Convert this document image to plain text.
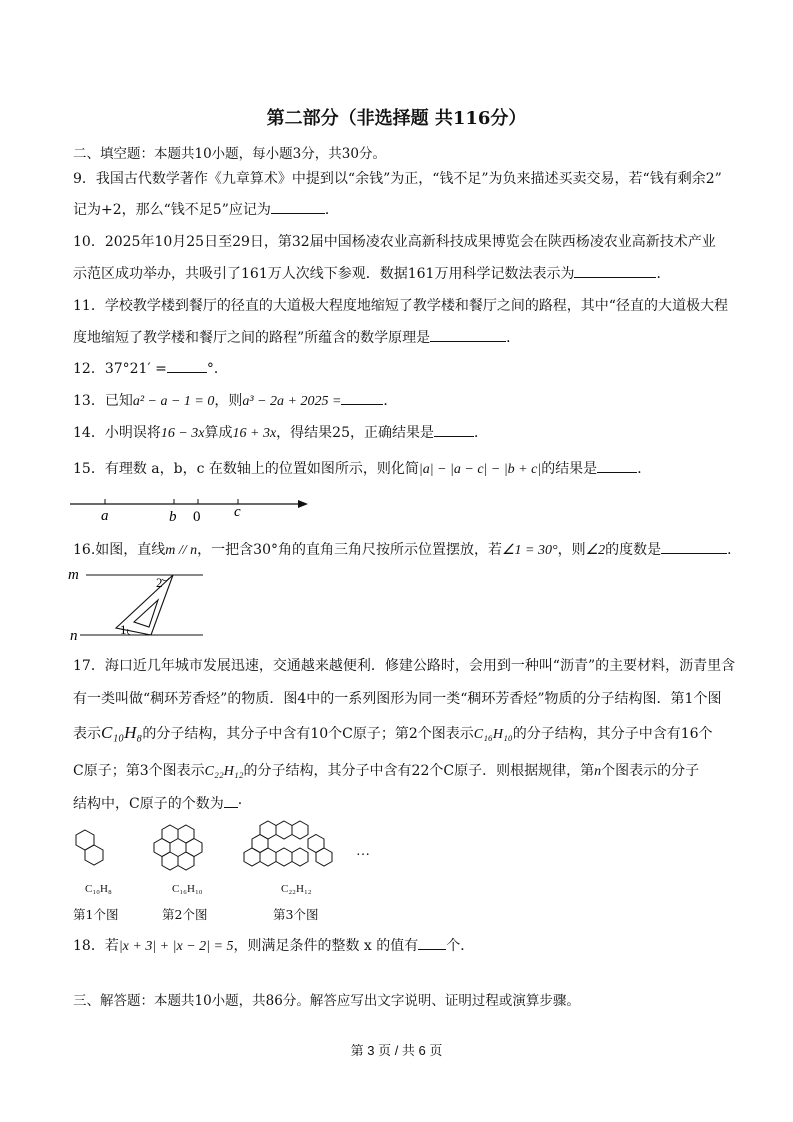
第二部分（非选择题 共116分）
二、填空题：本题共10小题，每小题3分，共30分。
9．我国古代数学著作《九章算术》中提到以“余钱”为正，“钱不足”为负来描述买卖交易，若“钱有剩余2”
记为+2，那么“钱不足5”应记为	．
10．2025年10月25日至29日，第32届中国杨凌农业高新科技成果博览会在陕西杨凌农业高新技术产业
示范区成功举办，共吸引了161万人次线下参观．数据161万用科学记数法表示为	．
11．学校教学楼到餐厅的径直的大道极大程度地缩短了教学楼和餐厅之间的路程，其中“径直的大道极大程
度地缩短了教学楼和餐厅之间的路程”所蕴含的数学原理是	．
12．37°21′ =	°．
13．已知a² − a − 1 = 0，则a³ − 2a + 2025 =	．
14．小明误将16 − 3x算成16 + 3x，得结果25，正确结果是	．
15．有理数 a，b，c 在数轴上的位置如图所示，则化简|a| − |a − c| − |b + c|的结果是	．
a	b 0 c
16.如图，直线m // n，一把含30°角的直角三角尺按所示位置摆放，若∠1 = 30°，则∠2的度数是	．
m
n
2
1
17．海口近几年城市发展迅速，交通越来越便利．修建公路时，会用到一种叫“沥青”的主要材料，沥青里含
有一类叫做“稠环芳香烃”的物质．图4中的一系列图形为同一类“稠环芳香烃”物质的分子结构图．第1个图
表示C₁₀H₈的分子结构，其分子中含有10个C原子；第2个图表示C₁₆H₁₀的分子结构，其分子中含有16个
C原子；第3个图表示C₂₂H₁₂的分子结构，其分子中含有22个C原子．则根据规律，第n个图表示的分子
结构中，C原子的个数为 ·
…
C₁₀H₈	C₁₆H₁₀	C₂₂H₁₂
第1个图	第2个图	第3个图
18．若|x + 3| + |x − 2| = 5，则满足条件的整数 x 的值有 个．
三、解答题：本题共10小题，共86分。解答应写出文字说明、证明过程或演算步骤。
第 3 页 / 共 6 页
